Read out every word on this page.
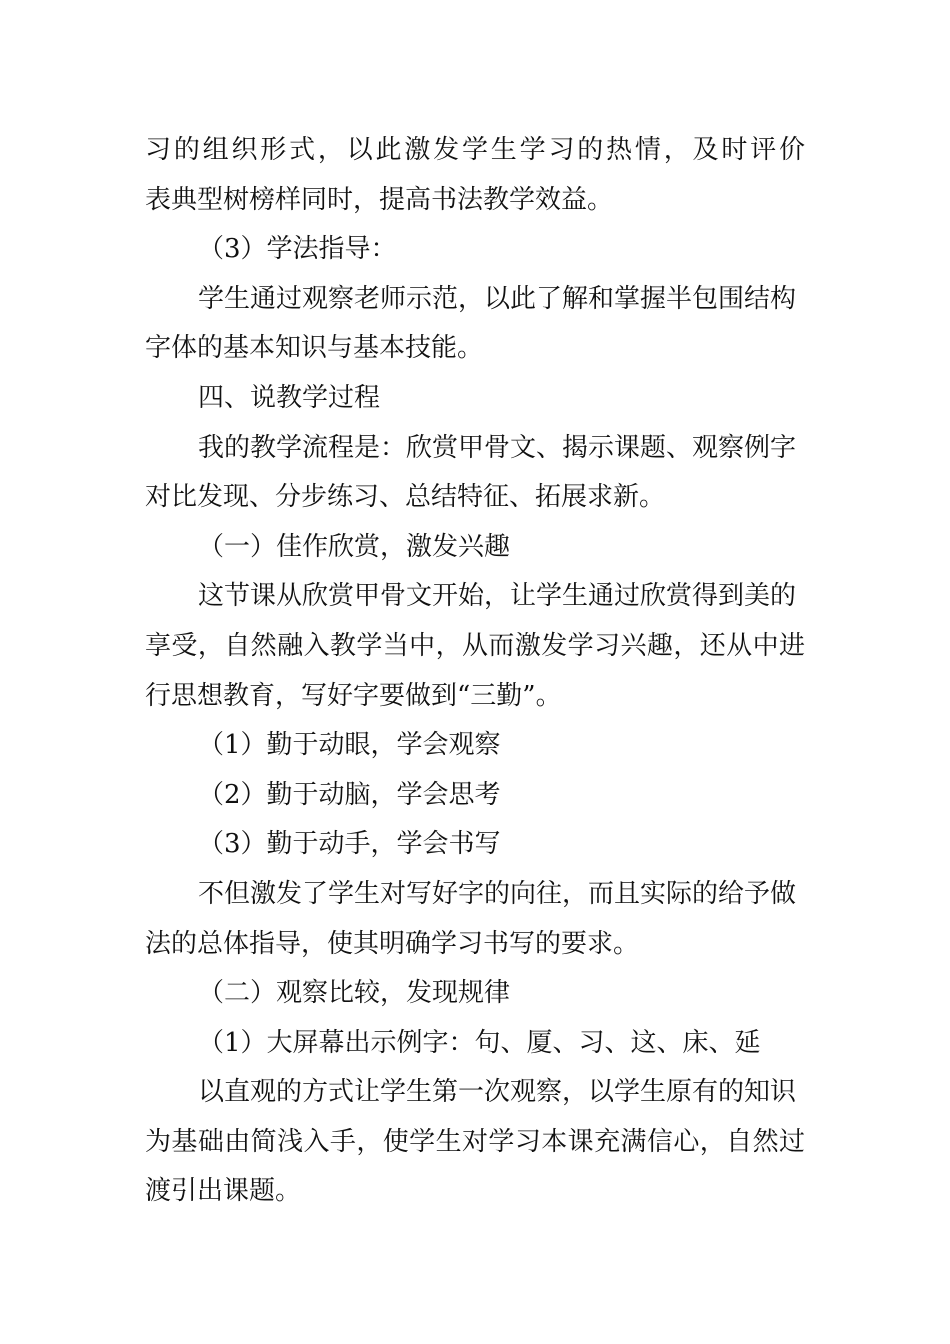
习的组织形式，以此激发学生学习的热情，及时评价
表典型树榜样同时，提高书法教学效益。
（3）学法指导：
学生通过观察老师示范，以此了解和掌握半包围结构
字体的基本知识与基本技能。
四、说教学过程
我的教学流程是：欣赏甲骨文、揭示课题、观察例字
对比发现、分步练习、总结特征、拓展求新。
（一）佳作欣赏，激发兴趣
这节课从欣赏甲骨文开始，让学生通过欣赏得到美的
享受，自然融入教学当中，从而激发学习兴趣，还从中进
行思想教育，写好字要做到“三勤”。
（1）勤于动眼，学会观察
（2）勤于动脑，学会思考
（3）勤于动手，学会书写
不但激发了学生对写好字的向往，而且实际的给予做
法的总体指导，使其明确学习书写的要求。
（二）观察比较，发现规律
（1）大屏幕出示例字：句、厦、习、这、床、延
以直观的方式让学生第一次观察，以学生原有的知识
为基础由简浅入手，使学生对学习本课充满信心，自然过
渡引出课题。
